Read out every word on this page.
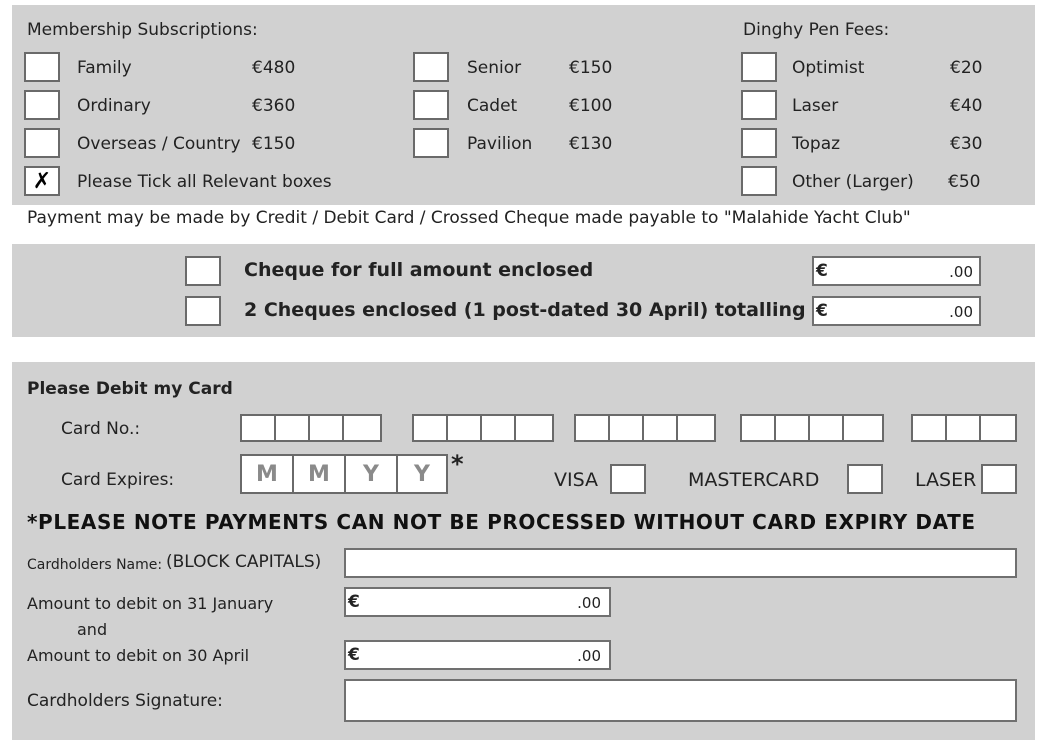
Membership Subscriptions:	Dinghy Pen Fees:
Family	€480
Ordinary	€360
Overseas / Country €150
✗ Please Tick all Relevant boxes
Senior	€150
Cadet	€100
Pavilion €130
Optimist	€20
Laser	€40
Topaz	€30
Other (Larger) €50
Payment may be made by Credit / Debit Card / Crossed Cheque made payable to "Malahide Yacht Club"
Cheque for full amount enclosed	€	.00
2 Cheques enclosed (1 post-dated 30 April) totalling €	.00
Please Debit my Card
Card No.:
Card Expires:	M	M	Y	Y *
VISA	MASTERCARD	LASER
*PLEASE NOTE PAYMENTS CAN NOT BE PROCESSED WITHOUT CARD EXPIRY DATE
Cardholders Name: (BLOCK CAPITALS)
Amount to debit on 31 January	€	.00
and
Amount to debit on 30 April	€	.00
Cardholders Signature:
